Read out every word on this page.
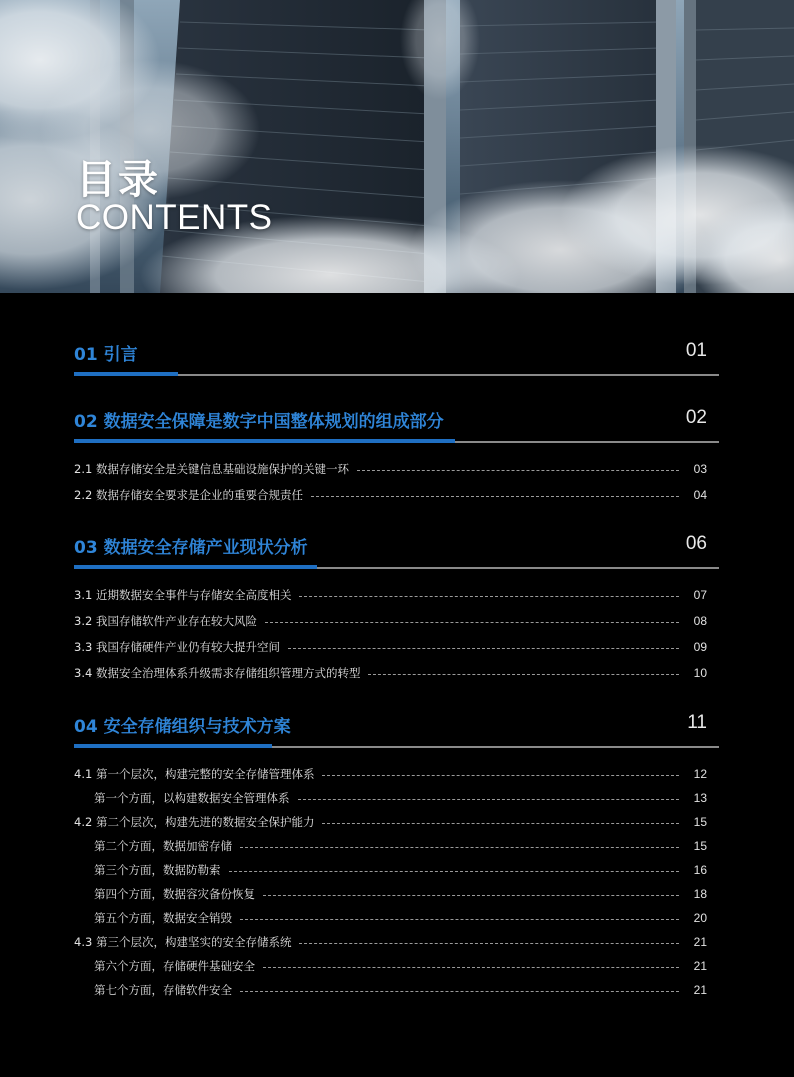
目录
CONTENTS
01 引言	01
02 数据安全保障是数字中国整体规划的组成部分	02
2.1 数据存储安全是关键信息基础设施保护的关键一环	03
2.2 数据存储安全要求是企业的重要合规责任	04
03 数据安全存储产业现状分析	06
3.1 近期数据安全事件与存储安全高度相关	07
3.2 我国存储软件产业存在较大风险	08
3.3 我国存储硬件产业仍有较大提升空间	09
3.4 数据安全治理体系升级需求存储组织管理方式的转型	10
04 安全存储组织与技术方案	11
4.1 第一个层次，构建完整的安全存储管理体系	12
第一个方面，以构建数据安全管理体系	13
4.2 第二个层次，构建先进的数据安全保护能力	15
第二个方面，数据加密存储	15
第三个方面，数据防勒索	16
第四个方面，数据容灾备份恢复	18
第五个方面，数据安全销毁	20
4.3 第三个层次，构建坚实的安全存储系统	21
第六个方面，存储硬件基础安全	21
第七个方面，存储软件安全	21
